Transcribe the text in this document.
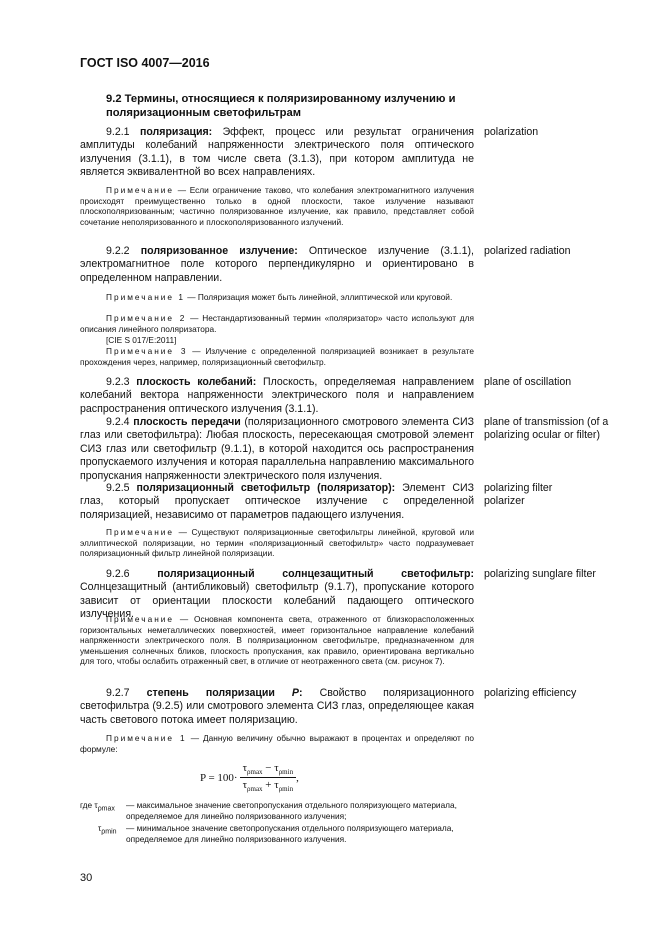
ГОСТ ISO 4007—2016
9.2 Термины, относящиеся к поляризированному излучению и поляризационным светофильтрам
9.2.1 поляризация: Эффект, процесс или результат ограничения амплитуды колебаний напряженности электрического поля оптического излучения (3.1.1), в том числе света (3.1.3), при котором амплитуда не является эквивалентной во всех направлениях.
polarization
Примечание — Если ограничение таково, что колебания электромагнитного излучения происходят преимущественно только в одной плоскости, такое излучение называют плоскополяризованным; частично поляризованное излучение, как правило, представляет собой сочетание неполяризованного и плоскополяризованного излучений.
9.2.2 поляризованное излучение: Оптическое излучение (3.1.1), электромагнитное поле которого перпендикулярно и ориентировано в определенном направлении.
polarized radiation
Примечание 1 — Поляризация может быть линейной, эллиптической или круговой.
Примечание 2 — Нестандартизованный термин «поляризатор» часто используют для описания линейного поляризатора.
[CIE S 017/E:2011]
Примечание 3 — Излучение с определенной поляризацией возникает в результате прохождения через, например, поляризационный светофильтр.
9.2.3 плоскость колебаний: Плоскость, определяемая направлением колебаний вектора напряженности электрического поля и направлением распространения оптического излучения (3.1.1).
plane of oscillation
9.2.4 плоскость передачи (поляризационного смотрового элемента СИЗ глаз или светофильтра): Любая плоскость, пересекающая смотровой элемент СИЗ глаз или светофильтр (9.1.1), в которой находится ось распространения пропускаемого излучения и которая параллельна направлению максимального пропускания напряженности электрического поля излучения.
plane of transmission (of a polarizing ocular or filter)
9.2.5 поляризационный светофильтр (поляризатор): Элемент СИЗ глаз, который пропускает оптическое излучение с определенной поляризацией, независимо от параметров падающего излучения.
polarizing filter
polarizer
Примечание — Существуют поляризационные светофильтры линейной, круговой или эллиптической поляризации, но термин «поляризационный светофильтр» часто подразумевает поляризационный фильтр линейной поляризации.
9.2.6 поляризационный солнцезащитный светофильтр: Солнцезащитный (антибликовый) светофильтр (9.1.7), пропускание которого зависит от ориентации плоскости колебаний падающего оптического излучения.
polarizing sunglare filter
Примечание — Основная компонента света, отраженного от близкорасположенных горизонтальных неметаллических поверхностей, имеет горизонтальное направление колебаний напряженности электрического поля. В поляризационном светофильтре, предназначенном для уменьшения солнечных бликов, плоскость пропускания, как правило, ориентирована вертикально для того, чтобы ослабить отраженный свет, в отличие от неотраженного света (см. рисунок 7).
9.2.7 степень поляризации P: Свойство поляризационного светофильтра (9.2.5) или смотрового элемента СИЗ глаз, определяющее какая часть светового потока имеет поляризацию.
polarizing efficiency
Примечание 1 — Данную величину обычно выражают в процентах и определяют по формуле:
$P = 100\cdot \frac{\tau_{\rho max} - \tau_{\rho min}}{\tau_{\rho max} + \tau_{\rho min}}$ ,
где $\tau_{\rho max}$	— максимальное значение светопропускания отдельного поляризующего материала, определяемое для линейно поляризованного излучения;
$\tau_{\rho min}$ — минимальное значение светопропускания отдельного поляризующего материала, определяемое для линейно поляризованного излучения.
30
